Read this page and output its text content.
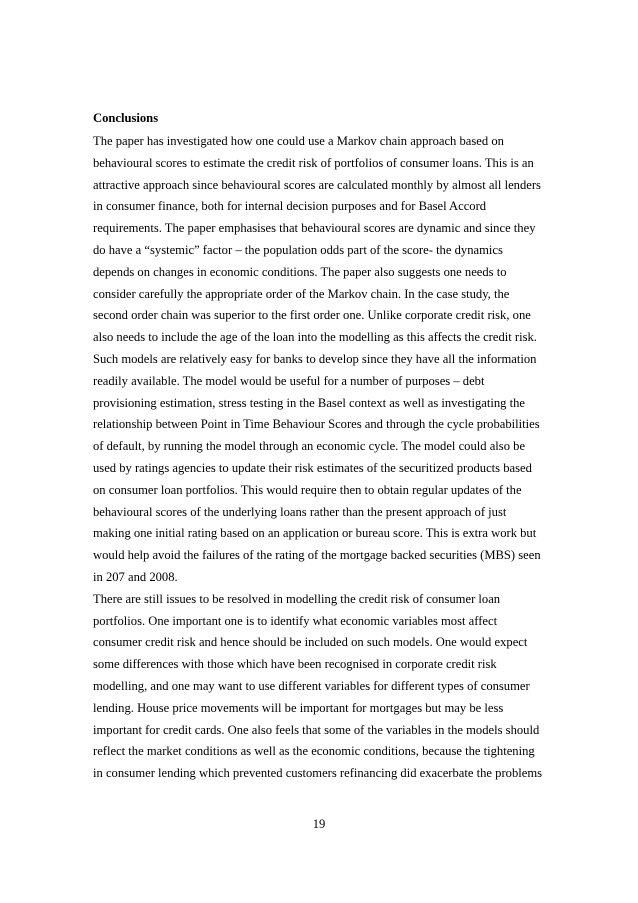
Conclusions
The paper has investigated how one could use a Markov chain approach based on
behavioural scores to estimate the credit risk of portfolios of consumer loans. This is an
attractive approach since behavioural scores are calculated monthly by almost all lenders
in consumer finance, both for internal decision purposes and for Basel Accord
requirements. The paper emphasises that behavioural scores are dynamic and since they
do have a “systemic” factor – the population odds part of the score- the dynamics
depends on changes in economic conditions. The paper also suggests one needs to
consider carefully the appropriate order of the Markov chain. In the case study, the
second order chain was superior to the first order one. Unlike corporate credit risk, one
also needs to include the age of the loan into the modelling as this affects the credit risk.
Such models are relatively easy for banks to develop since they have all the information
readily available. The model would be useful for a number of purposes – debt
provisioning estimation, stress testing in the Basel context as well as investigating the
relationship between Point in Time Behaviour Scores and through the cycle probabilities
of default, by running the model through an economic cycle. The model could also be
used by ratings agencies to update their risk estimates of the securitized products based
on consumer loan portfolios. This would require then to obtain regular updates of the
behavioural scores of the underlying loans rather than the present approach of just
making one initial rating based on an application or bureau score. This is extra work but
would help avoid the failures of the rating of the mortgage backed securities (MBS) seen
in 207 and 2008.
There are still issues to be resolved in modelling the credit risk of consumer loan
portfolios. One important one is to identify what economic variables most affect
consumer credit risk and hence should be included on such models. One would expect
some differences with those which have been recognised in corporate credit risk
modelling, and one may want to use different variables for different types of consumer
lending. House price movements will be important for mortgages but may be less
important for credit cards. One also feels that some of the variables in the models should
reflect the market conditions as well as the economic conditions, because the tightening
in consumer lending which prevented customers refinancing did exacerbate the problems
19
